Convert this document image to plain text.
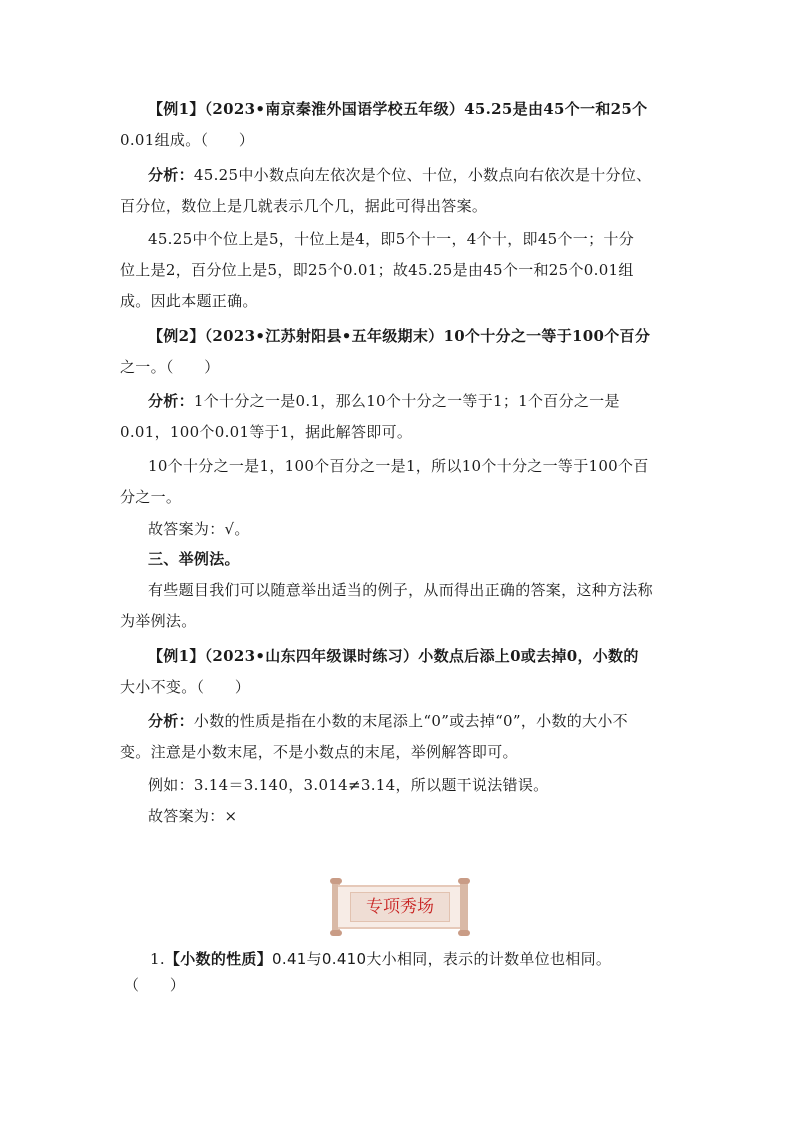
【例1】（2023•南京秦淮外国语学校五年级）45.25是由45个一和25个
0.01组成。（　　）
分析：45.25中小数点向左依次是个位、十位，小数点向右依次是十分位、
百分位，数位上是几就表示几个几，据此可得出答案。
45.25中个位上是5，十位上是4，即5个十一，4个十，即45个一；十分
位上是2，百分位上是5，即25个0.01；故45.25是由45个一和25个0.01组
成。因此本题正确。
【例2】（2023•江苏射阳县•五年级期末）10个十分之一等于100个百分
之一。（　　）
分析：1个十分之一是0.1，那么10个十分之一等于1；1个百分之一是
0.01，100个0.01等于1，据此解答即可。
10个十分之一是1，100个百分之一是1，所以10个十分之一等于100个百
分之一。
故答案为：√。
三、举例法。
有些题目我们可以随意举出适当的例子，从而得出正确的答案，这种方法称
为举例法。
【例1】（2023•山东四年级课时练习）小数点后添上0或去掉0，小数的
大小不变。（　　）
分析：小数的性质是指在小数的末尾添上“0”或去掉“0”，小数的大小不
变。注意是小数末尾，不是小数点的末尾，举例解答即可。
例如：3.14＝3.140，3.014≠3.14，所以题干说法错误。
故答案为：×
专项秀场
1.【小数的性质】0.41与0.410大小相同，表示的计数单位也相同。
（　　）
